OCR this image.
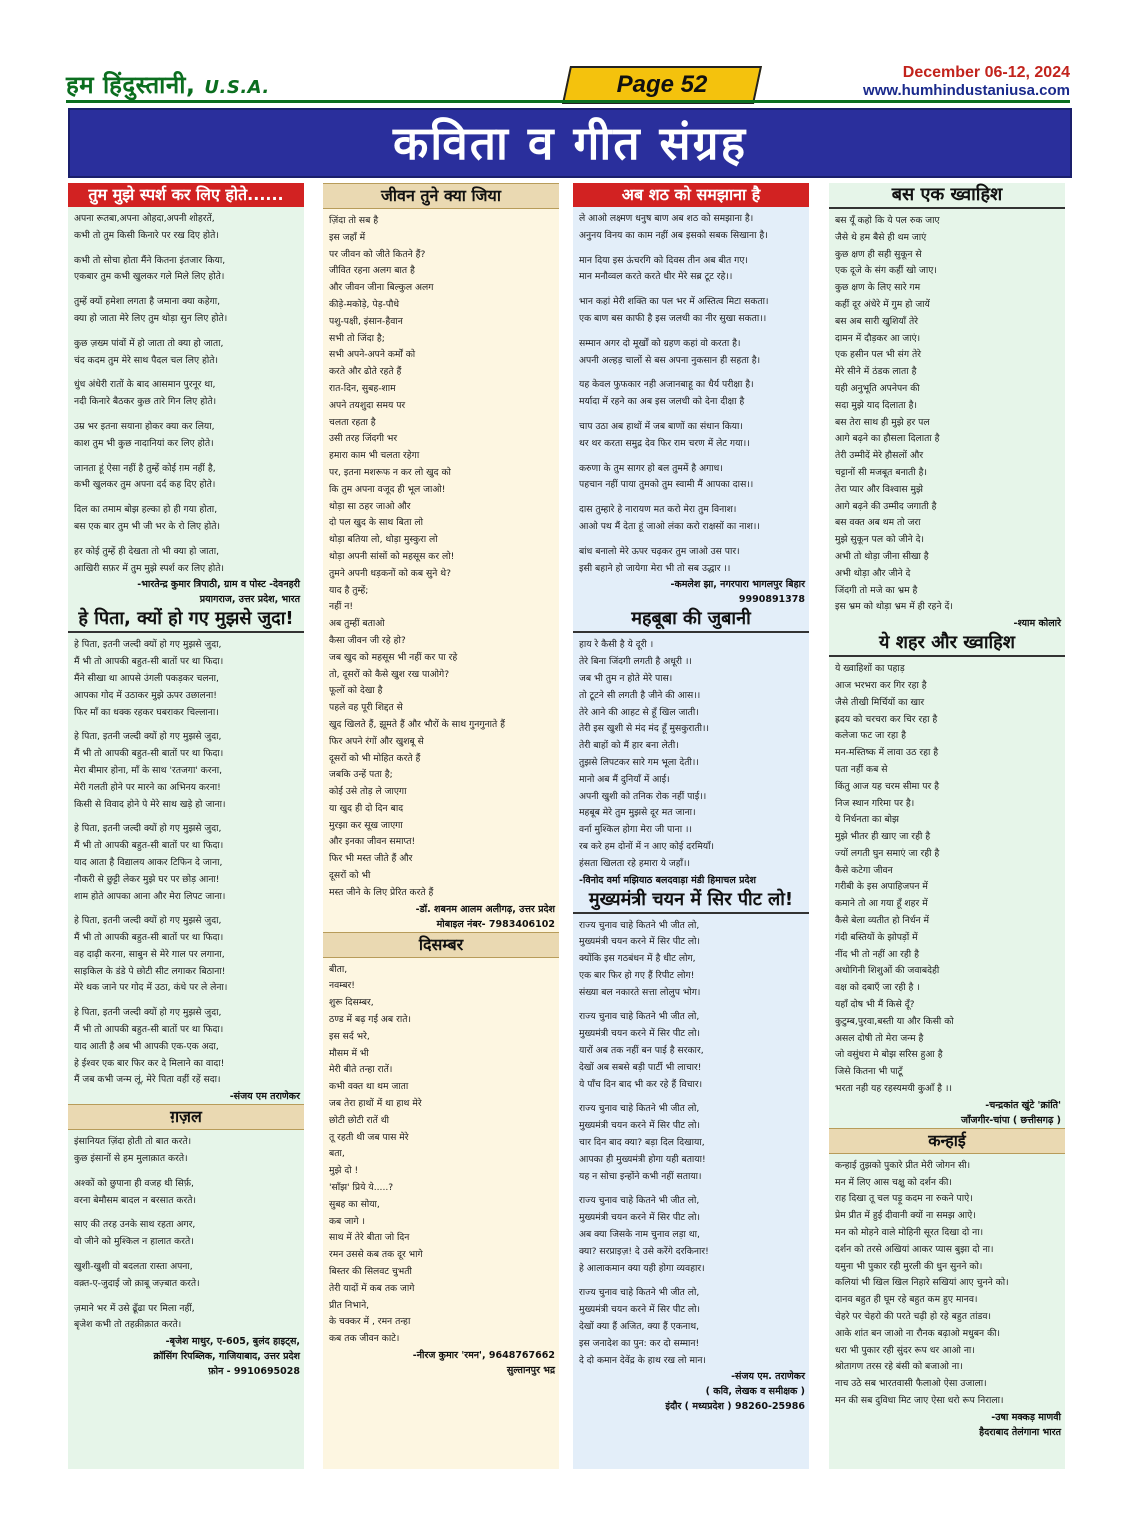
हम हिंदुस्तानी, U.S.A.	Page 52	December 06-12, 2024
www.humhindustaniusa.com
कविता व गीत संग्रह
तुम मुझे स्पर्श कर लिए होते......
अपना रूतबा,अपना ओहदा,अपनी शोहरतें,
कभी तो तुम किसी किनारे पर रख दिए होते।
कभी तो सोचा होता मैंने कितना इंतजार किया,
एकबार तुम कभी खुलकर गले मिले लिए होते।
तुम्हें क्यों हमेशा लगता है जमाना क्या कहेगा,
क्या हो जाता मेरे लिए तुम थोड़ा सुन लिए होते।
कुछ ज़ख्म पांवों में हो जाता तो क्या हो जाता,
चंद कदम तुम मेरे साथ पैदल चल लिए होते।
धुंध अंधेरी रातों के बाद आसमान पुरनूर था,
नदी किनारे बैठकर कुछ तारे गिन लिए होते।
उम्र भर इतना सयाना होकर क्या कर लिया,
काश तुम भी कुछ नादानियां कर लिए होते।
जानता हूं ऐसा नहीं है तुम्हें कोई ग़म नहीं है,
कभी खुलकर तुम अपना दर्द कह दिए होते।
दिल का तमाम बोझ हल्का हो ही गया होता,
बस एक बार तुम भी जी भर के रो लिए होते।
हर कोई तुम्हें ही देखता तो भी क्या हो जाता,
आखिरी सफ़र में तुम मुझे स्पर्श कर लिए होते।
-भारतेन्द्र कुमार त्रिपाठी, ग्राम व पोस्ट -देवनहरी
प्रयागराज, उत्तर प्रदेश, भारत
हे पिता, क्यों हो गए मुझसे जुदा!
हे पिता, इतनी जल्दी क्यों हो गए मुझसे जुदा,
मैं भी तो आपकी बहुत-सी बातों पर था फिदा।
मैंने सीखा था आपसे उंगली पकड़कर चलना,
आपका गोद में उठाकर मुझे ऊपर उछालना!
फिर माँ का धक्क रहकर घबराकर चिल्लाना।
हे पिता, इतनी जल्दी क्यों हो गए मुझसे जुदा,
मैं भी तो आपकी बहुत-सी बातों पर था फिदा।
मेरा बीमार होना, माँ के साथ 'रतजगा' करना,
मेरी गलती होने पर मारने का अभिनय करना!
किसी से विवाद होने पे मेरे साथ खड़े हो जाना।
हे पिता, इतनी जल्दी क्यों हो गए मुझसे जुदा,
मैं भी तो आपकी बहुत-सी बातों पर था फिदा।
याद आता है विद्यालय आकर टिफिन दे जाना,
नौकरी से छुट्टी लेकर मुझे घर पर छोड़ आना!
शाम होते आपका आना और मेरा लिपट जाना।
हे पिता, इतनी जल्दी क्यों हो गए मुझसे जुदा,
मैं भी तो आपकी बहुत-सी बातों पर था फिदा।
वह दाढ़ी करना, साबुन से मेरे गाल पर लगाना,
साइकिल के डंडे पे छोटी सीट लगाकर बिठाना!
मेरे थक जाने पर गोद में उठा, कंधे पर ले लेना।
हे पिता, इतनी जल्दी क्यों हो गए मुझसे जुदा,
मैं भी तो आपकी बहुत-सी बातों पर था फिदा।
याद आती है अब भी आपकी एक-एक अदा,
हे ईश्वर एक बार फिर कर दे मिलाने का वादा!
मैं जब कभी जन्म लूं, मेरे पिता वहीं रहें सदा।
-संजय एम तराणेकर
ग़ज़ल
इंसानियत ज़िंदा होती तो बात करते।
कुछ इंसानों से हम मुलाक़ात करते।
अश्कों को छुपाना ही वजह थी सिर्फ़,
वरना बेमौसम बादल न बरसात करते।
साए की तरह उनके साथ रहता अगर,
वो जीने को मुश्किल न हालात करते।
खुशी-खुशी वो बदलता रास्ता अपना,
वक़्त-ए-जुदाई जो क़ाबू जज़्बात करते।
ज़माने भर में उसे ढूँढा पर मिला नहीं,
बृजेश कभी तो तहक़ीक़ात करते।
-बृजेश माथुर, ए-605, बुलंद हाइट्स,
क्रॉसिंग रिपब्लिक, गाजियाबाद, उत्तर प्रदेश
फ़ोन - 9910695028
जीवन तुने क्या जिया
ज़िंदा तो सब है
इस जहाँ में
पर जीवन को जीते कितने हैं?
जीवित रहना अलग बात है
और जीवन जीना बिल्कुल अलग
कीड़े-मकोड़े, पेड़-पौधे
पशु-पक्षी, इंसान-हैवान
सभी तो जिंदा है;
सभी अपने-अपने कर्मों को
करते और ढोते रहते हैं
रात-दिन, सुबह-शाम
अपने तयशुदा समय पर
चलता रहता है
उसी तरह जिंदगी भर
हमारा काम भी चलता रहेगा
पर, इतना मशरूफ न कर लो खुद को
कि तुम अपना वजूद ही भूल जाओ!
थोड़ा सा ठहर जाओ और
दो पल खुद के साथ बिता लो
थोड़ा बतिया लो, थोड़ा मुस्कुरा लो
थोड़ा अपनी सांसों को महसूस कर लो!
तुमने अपनी धड़कनों को कब सुने थे?
याद है तुम्हें;
नहीं न!
अब तुम्हीं बताओ
कैसा जीवन जी रहे हो?
जब खुद को महसूस भी नहीं कर पा रहे
तो, दूसरों को कैसे खुश रख पाओगे?
फूलों को देखा है
पहले वह पूरी शिद्दत से
खुद खिलते हैं, झूमते हैं और भौरों के साथ गुनगुनाते हैं
फिर अपने रंगों और खुशबू से
दूसरों को भी मोहित करते हैं
जबकि उन्हें पता है;
कोई उसे तोड़ ले जाएगा
या खुद ही दो दिन बाद
मुरझा कर सूख जाएगा
और इनका जीवन समाप्त!
फिर भी मस्त जीते हैं और
दूसरों को भी
मस्त जीने के लिए प्रेरित करते हैं
-डॉ. शबनम आलम अलीगढ़, उत्तर प्रदेश
मोबाइल नंबर- 7983406102
दिसम्बर
बीता,
नवम्बर!
शुरू दिसम्बर,
ठण्ड में बढ़ गई अब राते।
इस सर्द भरे,
मौसम में भी
मेरी बीते तन्हा रातें।
कभी वक्त था थम जाता
जब तेरा हाथों में था हाथ मेरे
छोटी छोटी रातें थी
तू रहती थी जब पास मेरे
बता,
मुझे दो !
'साँझ' प्रिये ये.....?
सुबह का सोया,
कब जागे ।
साथ में तेरे बीता जो दिन
रमन उससे कब तक दूर भागे
बिस्तर की सिलवट चुभती
तेरी यादों में कब तक जागे
प्रीत निभाने,
के चक्कर में , रमन तन्हा
कब तक जीवन काटे।
-नीरज कुमार 'रमन', 9648767662
सुल्तानपुर भद्र
अब शठ को समझाना है
ले आओ लक्ष्मण धनुष बाण अब शठ को समझाना है।
अनुनय विनय का काम नहीं अब इसको सबक सिखाना है।
मान दिया इस ऊंचरगि को दिवस तीन अब बीत गए।
मान मनौव्वल करते करते धीर मेरे सब्र टूट रहे।।
भान कहां मेरी शक्ति का पल भर में अस्तित्व मिटा सकता।
एक बाण बस काफी है इस जलधी का नीर सुखा सकता।।
सम्मान अगर दो मूर्खों को ग्रहण कहां वो करता है।
अपनी अल्हड़ चालों से बस अपना नुकसान ही सहता है।
यह केवल फुफकार नही अजानबाहू का धैर्य परीक्षा है।
मर्यादा में रहने का अब इस जलधी को देना दीक्षा है
चाप उठा अब हाथों में जब बाणों का संधान किया।
थर थर करता समुद्र देव फिर राम चरण में लेट गया।।
करुणा के तुम सागर हो बल तुममें है अगाध।
पहचान नहीं पाया तुमको तुम स्वामी मैं आपका दास।।
दास तुम्हारे हे नारायण मत करो मेरा तुम विनाश।
आओ पथ मैं देता हूं जाओ लंका करो राक्षसों का नाश।।
बांध बनालो मेरे ऊपर चढ़कर तुम जाओ उस पार।
इसी बहाने हो जायेगा मेरा भी तो सब उद्धार ।।
-कमलेश झा, नगरपारा भागलपुर बिहार
9990891378
महबूबा की जुबानी
हाय रे कैसी है ये दूरी ।
तेरे बिना जिंदगी लगती है अधूरी ।।
जब भी तुम न होते मेरे पास।
तो टूटने सी लगती है जीने की आस।।
तेरे आने की आहट से हूँ खिल जाती।
तेरी इस खुशी से मंद मंद हूँ मुसकुराती।।
तेरी बाहों को मैं हार बना लेती।
तुझसे लिपटकर सारे गम भूला देती।।
मानो अब मैं दुनियाँ में आई।
अपनी खुशी को तनिक रोक नहीं पाई।।
महबूब मेरे तुम मुझसे दूर मत जाना।
वर्ना मुश्किल होगा मेरा जी पाना ।।
रब करे हम दोनों में न आए कोई दरमियाँ।
हंसता खिलता रहे हमारा ये जहाँ।।
-विनोद वर्मा मझियाठ बलदवाड़ा मंडी हिमाचल प्रदेश
मुख्यमंत्री चयन में सिर पीट लो!
राज्य चुनाव चाहे कितने भी जीत लो,
मुख्यमंत्री चयन करने में सिर पीट लो।
क्योंकि इस गठबंधन में है धीट लोग,
एक बार फिर हो गए हैं रिपीट लोग!
संख्या बल नकारते सत्ता लोलुप भोग।
राज्य चुनाव चाहे कितने भी जीत लो,
मुख्यमंत्री चयन करने में सिर पीट लो।
यारों अब तक नहीं बन पाई है सरकार,
देखों अब सबसे बड़ी पार्टी भी लाचार!
ये पाँच दिन बाद भी कर रहे हैं विचार।
राज्य चुनाव चाहे कितने भी जीत लो,
मुख्यमंत्री चयन करने में सिर पीट लो।
चार दिन बाद क्या? बड़ा दिल दिखाया,
आपका ही मुख्यमंत्री होगा यही बताया!
यह न सोचा इन्होंने कभी नहीं सताया।
राज्य चुनाव चाहे कितने भी जीत लो,
मुख्यमंत्री चयन करने में सिर पीट लो।
अब क्या जिसके नाम चुनाव लड़ा था,
क्या? सरप्राइज़! दे उसे करेंगे दरकिनार!
हे आलाकमान क्या यही होगा व्यवहार।
राज्य चुनाव चाहे कितने भी जीत लो,
मुख्यमंत्री चयन करने में सिर पीट लो।
देखों क्या हैं अजित, क्या हैं एकनाथ,
इस जनादेश का पुन: कर दो सम्मान!
दे दो कमान देवेंद्र के हाथ रख लो मान।
-संजय एम. तराणेकर
( कवि, लेखक व समीक्षक )
इंदौर ( मध्यप्रदेश ) 98260-25986
बस एक ख्वाहिश
बस यूँ कहो कि ये पल रुक जाए
जैसे थे हम बैसे ही थम जाएं
कुछ क्षण ही सही सुकून से
एक दूजे के संग कहीं खो जाए।
कुछ क्षण के लिए सारे गम
कहीं दूर अंधेरे में गुम हो जायें
बस अब सारी खुशियाँ तेरे
दामन में दौड़कर आ जाएं।
एक हसीन पल भी संग तेरे
मेरे सीने में ठंडक लाता है
यही अनुभूति अपनेपन की
सदा मुझे याद दिलाता है।
बस तेरा साथ ही मुझे हर पल
आगे बढ़ने का हौसला दिलाता है
तेरी उम्मीदें मेरे हौसलों और
चट्टानों सी मजबूत बनाती है।
तेरा प्यार और विश्वास मुझे
आगे बढ़ने की उम्मीद जगाती है
बस वक्त अब थम तो जरा
मुझे सुकून पल को जीने दे।
अभी तो थोड़ा जीना सीखा है
अभी थोड़ा और जीने दे
जिंदगी तो मजे का भ्रम है
इस भ्रम को थोड़ा भ्रम में ही रहने दें।
-श्याम कोलारे
ये शहर और ख्वाहिश
ये ख्वाहिशों का पहाड़
आज भरभरा कर गिर रहा है
जैसे तीखी मिर्चियों का खार
ह्रदय को चरचरा कर चिर रहा है
कलेजा फट जा रहा है
मन-मस्तिष्क में लावा उठ रहा है
पता नहीं कब से
किंतु आज यह चरम सीमा पर है
निज स्थान गरिमा पर है।
ये निर्धनता का बोझ
मुझे भीतर ही खाए जा रही है
ज्यों लगती घुन समाएं जा रही है
कैसे कटेगा जीवन
गरीबी के इस अपाहिजपन में
कमाने तो आ गया हूँ शहर में
कैसे बेला व्यतीत हो निर्धन में
गंदी बस्तियों के झोपड़ों में
नींद भी तो नहीं आ रही है
अधोगिनी शिशुओं की जवाबदेही
वक्ष को दबाएँ जा रही है ।
यहाँ दोष भी मैं किसे दूँ?
कुटुम्ब,पुरवा,बस्ती या और किसी को
असल दोषी तो मेरा जन्म है
जो वसुंधरा मे बोझ सरिस हुआ है
जिसे कितना भी पाटूँ
भरता नही यह रहस्यमयी कुआँ है ।।
-चन्द्रकांत खुंटे 'क्रांति'
जाँजगीर-चांपा ( छत्तीसगढ़ )
कन्हाई
कन्हाई तुझको पुकारे प्रीत मेरी जोगन सी।
मन में लिए आस चक्षु को दर्शन की।
राह दिखा तू चल पड़ू कदम ना रुकने पाऐ।
प्रेम प्रीत में हुई दीवानी क्यों ना समझ आऐ।
मन को मोहने वाले मोहिनी सूरत दिखा दो ना।
दर्शन को तरसे अखियां आकर प्यास बुझा दो ना।
यमुना भी पुकार रही मुरली की धुन सुनने को।
कलियां भी खिल खिल निहारे सखियां आए चुनने को।
दानव बहुत ही घूम रहे बहुत कम हुए मानव।
चेहरे पर चेहरो की परते चढ़ी हो रहे बहुत तांडव।
आके शांत बन जाओ ना रौनक बढ़ाओ मधुबन की।
धरा भी पुकार रही सुंदर रूप धर आओ ना।
श्रोतागण तरस रहे बंसी को बजाओ ना।
नाच उठे सब भारतवासी फैलाओ ऐसा उजाला।
मन की सब दुविधा मिट जाए ऐसा धरो रूप निराला।
-उषा मक्कड़ माणवी
हैदराबाद तेलंगाना भारत
